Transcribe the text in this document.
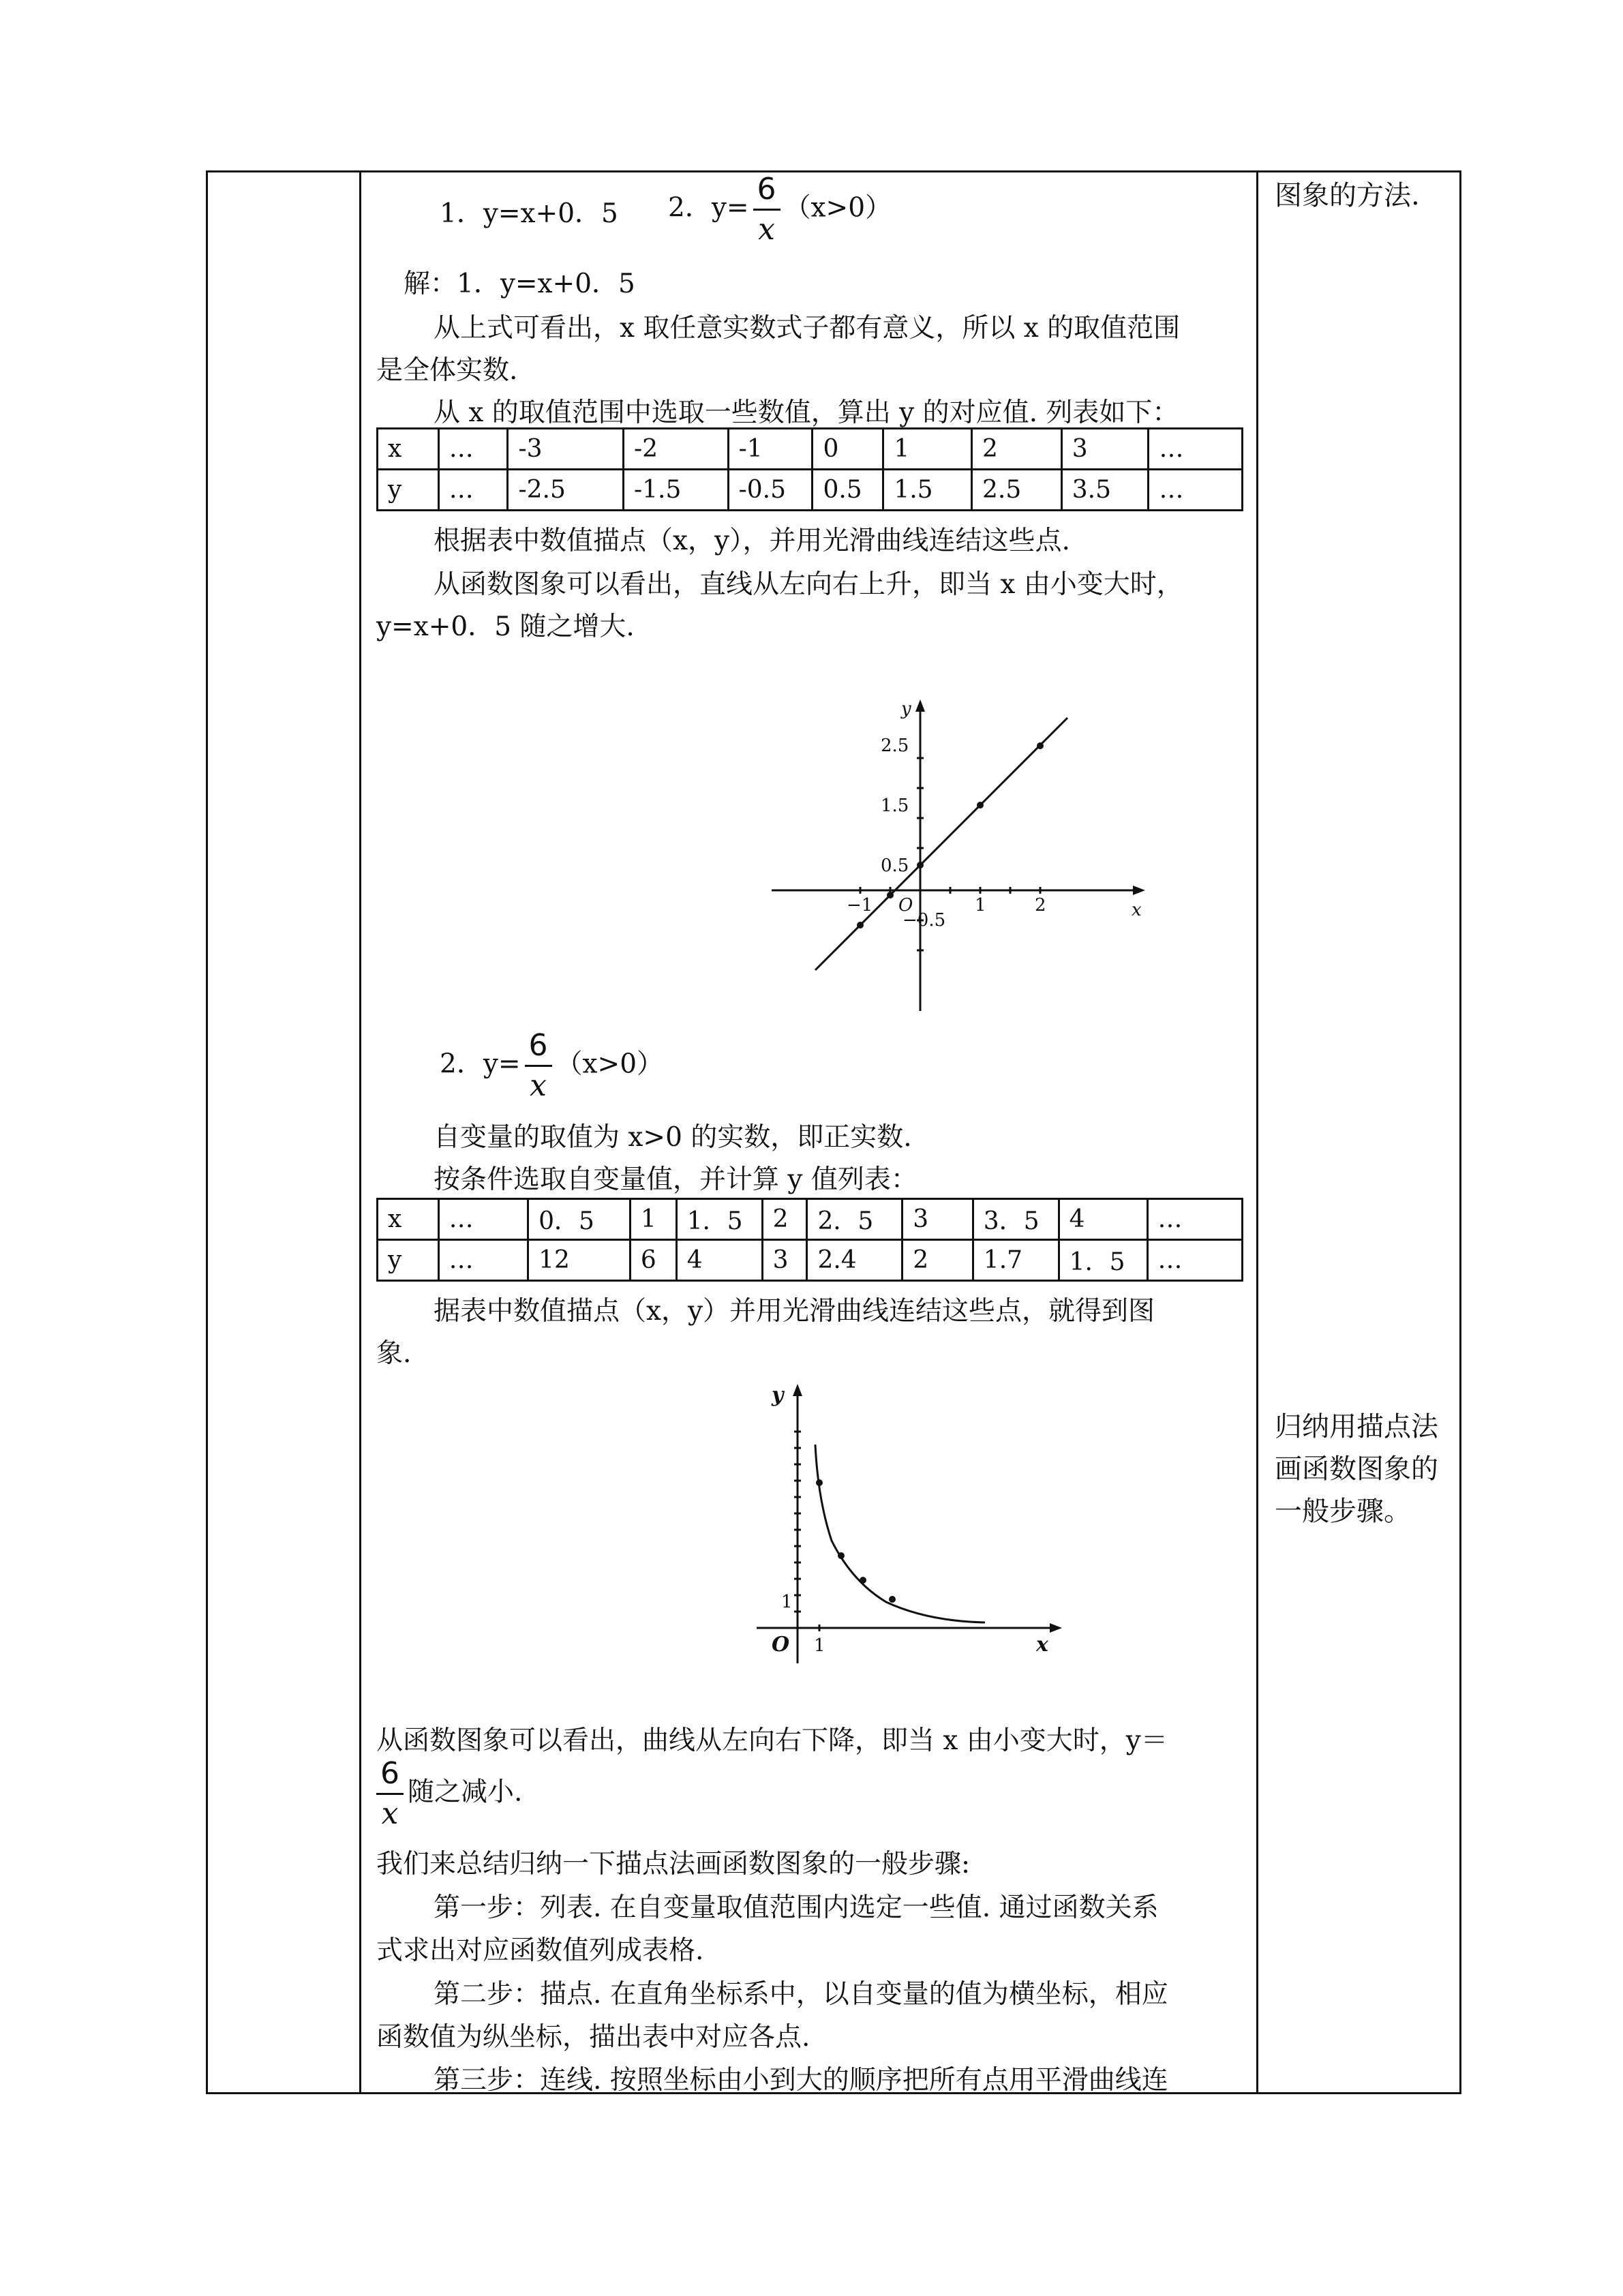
图象的方法.
归纳用描点法画函数图象的一般步骤。
1．y=x+0．5 2．$y= \frac{6}{x} (x>0)$
解：1．y=x+0．5
从上式可看出，x 取任意实数式子都有意义，所以 x 的取值范围
是全体实数.
从 x 的取值范围中选取一些数值，算出 y 的对应值. 列表如下：
x	…	-3	-2	-1	0	1	2	3	…
y	…	-2.5	-1.5	-0.5	0.5	1.5	2.5	3.5	…
根据表中数值描点（x，y），并用光滑曲线连结这些点.
从函数图象可以看出，直线从左向右上升，即当 x 由小变大时，
y=x+0．5 随之增大.
y
x
O
−1	1	2
2.5
1.5
0.5
−0.5
2．$y= \frac{6}{x} (x>0)$
自变量的取值为 x>0 的实数，即正实数.
按条件选取自变量值，并计算 y 值列表：
x	…	0．5	1	1．5	2	2．5	3	3．5	4	…
y	…	12	6	4	3	2.4	2	1.7	1．5	…
据表中数值描点（x，y）并用光滑曲线连结这些点，就得到图
象.
y
x
O 1
1
从函数图象可以看出，曲线从左向右下降，即当 x 由小变大时，y＝
$\frac{6}{x}$ 随之减小.
我们来总结归纳一下描点法画函数图象的一般步骤:
第一步：列表. 在自变量取值范围内选定一些值. 通过函数关系
式求出对应函数值列成表格.
第二步：描点. 在直角坐标系中，以自变量的值为横坐标，相应
函数值为纵坐标，描出表中对应各点.
第三步：连线. 按照坐标由小到大的顺序把所有点用平滑曲线连
